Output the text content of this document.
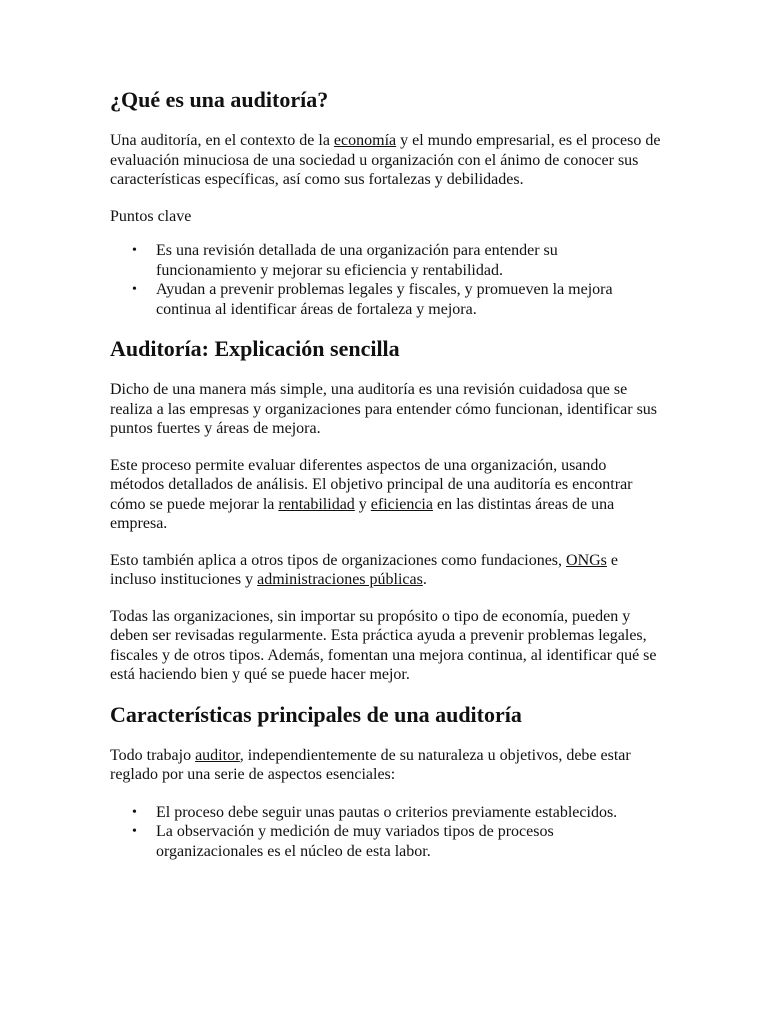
¿Qué es una auditoría?

Una auditoría, en el contexto de la economía y el mundo empresarial, es el proceso de evaluación minuciosa de una sociedad u organización con el ánimo de conocer sus características específicas, así como sus fortalezas y debilidades.

Puntos clave

• Es una revisión detallada de una organización para entender su funcionamiento y mejorar su eficiencia y rentabilidad.
• Ayudan a prevenir problemas legales y fiscales, y promueven la mejora continua al identificar áreas de fortaleza y mejora.
Auditoría: Explicación sencilla

Dicho de una manera más simple, una auditoría es una revisión cuidadosa que se realiza a las empresas y organizaciones para entender cómo funcionan, identificar sus puntos fuertes y áreas de mejora.

Este proceso permite evaluar diferentes aspectos de una organización, usando métodos detallados de análisis. El objetivo principal de una auditoría es encontrar cómo se puede mejorar la rentabilidad y eficiencia en las distintas áreas de una empresa.

Esto también aplica a otros tipos de organizaciones como fundaciones, ONGs e incluso instituciones y administraciones públicas.

Todas las organizaciones, sin importar su propósito o tipo de economía, pueden y deben ser revisadas regularmente. Esta práctica ayuda a prevenir problemas legales, fiscales y de otros tipos. Además, fomentan una mejora continua, al identificar qué se está haciendo bien y qué se puede hacer mejor.

Características principales de una auditoría

Todo trabajo auditor, independientemente de su naturaleza u objetivos, debe estar reglado por una serie de aspectos esenciales:

• El proceso debe seguir unas pautas o criterios previamente establecidos.
• La observación y medición de muy variados tipos de procesos organizacionales es el núcleo de esta labor.
